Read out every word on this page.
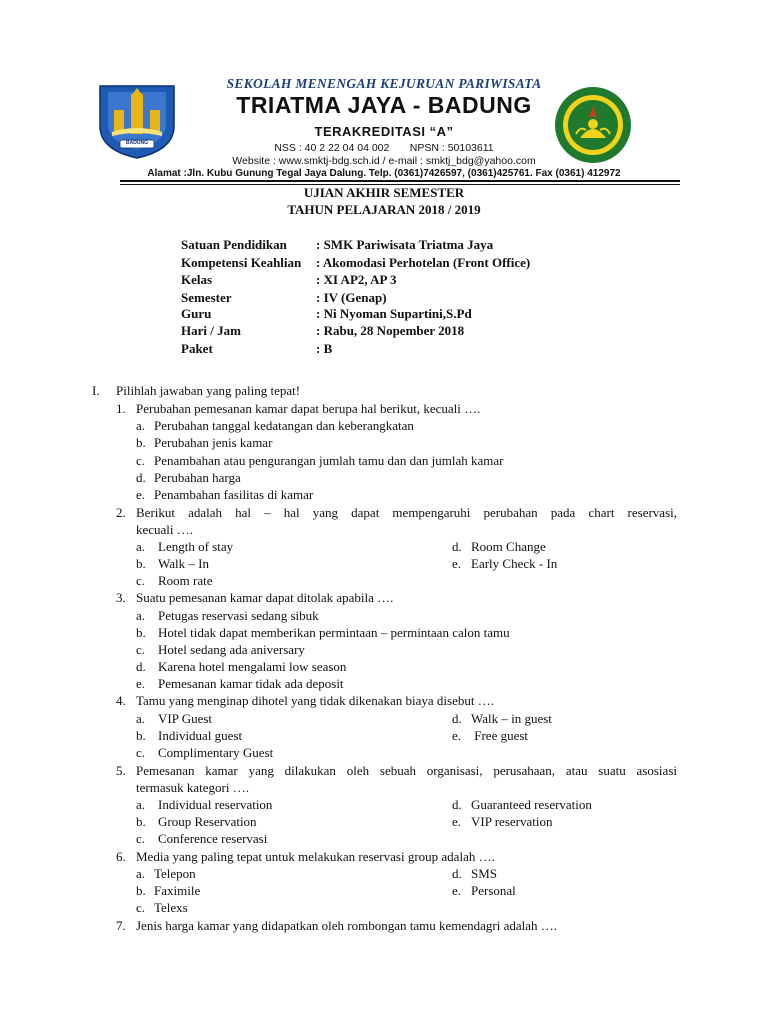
BADUNG
SEKOLAH MENENGAH KEJURUAN PARIWISATA
TRIATMA JAYA - BADUNG
TERAKREDITASI “A”
NSS : 40 2 22 04 04 002       NPSN : 50103611
Website : www.smktj-bdg.sch.id / e-mail : smktj_bdg@yahoo.com
Alamat :Jln. Kubu Gunung Tegal Jaya Dalung. Telp. (0361)7426597, (0361)425761. Fax (0361) 412972
UJIAN AKHIR SEMESTER
TAHUN PELAJARAN 2018 / 2019
Satuan Pendidikan : SMK Pariwisata Triatma Jaya
Kompetensi Keahlian : Akomodasi Perhotelan (Front Office)
Kelas	: XI AP2, AP 3
Semester	: IV (Genap)
Guru	: Ni Nyoman Supartini,S.Pd
Hari / Jam	: Rabu, 28 Nopember 2018
Paket	: B
I. Pilihlah jawaban yang paling tepat!
1. Perubahan pemesanan kamar dapat berupa hal berikut, kecuali ….
a. Perubahan tanggal kedatangan dan keberangkatan
b. Perubahan jenis kamar
c. Penambahan atau pengurangan jumlah tamu dan dan jumlah kamar
d. Perubahan harga
e. Penambahan fasilitas di kamar
2. Berikut adalah hal – hal yang dapat mempengaruhi perubahan pada chart reservasi,
kecuali ….
a. Length of stay
b. Walk – In
c. Room rate
d. Room Change
e. Early Check - In
3. Suatu pemesanan kamar dapat ditolak apabila ….
a. Petugas reservasi sedang sibuk
b. Hotel tidak dapat memberikan permintaan – permintaan calon tamu
c. Hotel sedang ada aniversary
d. Karena hotel mengalami low season
e. Pemesanan kamar tidak ada deposit
4. Tamu yang menginap dihotel yang tidak dikenakan biaya disebut ….
a. VIP Guest
b. Individual guest
c. Complimentary Guest
d. Walk – in guest
e. Free guest
5. Pemesanan kamar yang dilakukan oleh sebuah organisasi, perusahaan, atau suatu asosiasi
termasuk kategori ….
a. Individual reservation
b. Group Reservation
c. Conference reservasi
d. Guaranteed reservation
e. VIP reservation
6. Media yang paling tepat untuk melakukan reservasi group adalah ….
a. Telepon
b. Faximile
c. Telexs
d. SMS
e. Personal
7. Jenis harga kamar yang didapatkan oleh rombongan tamu kemendagri adalah ….
